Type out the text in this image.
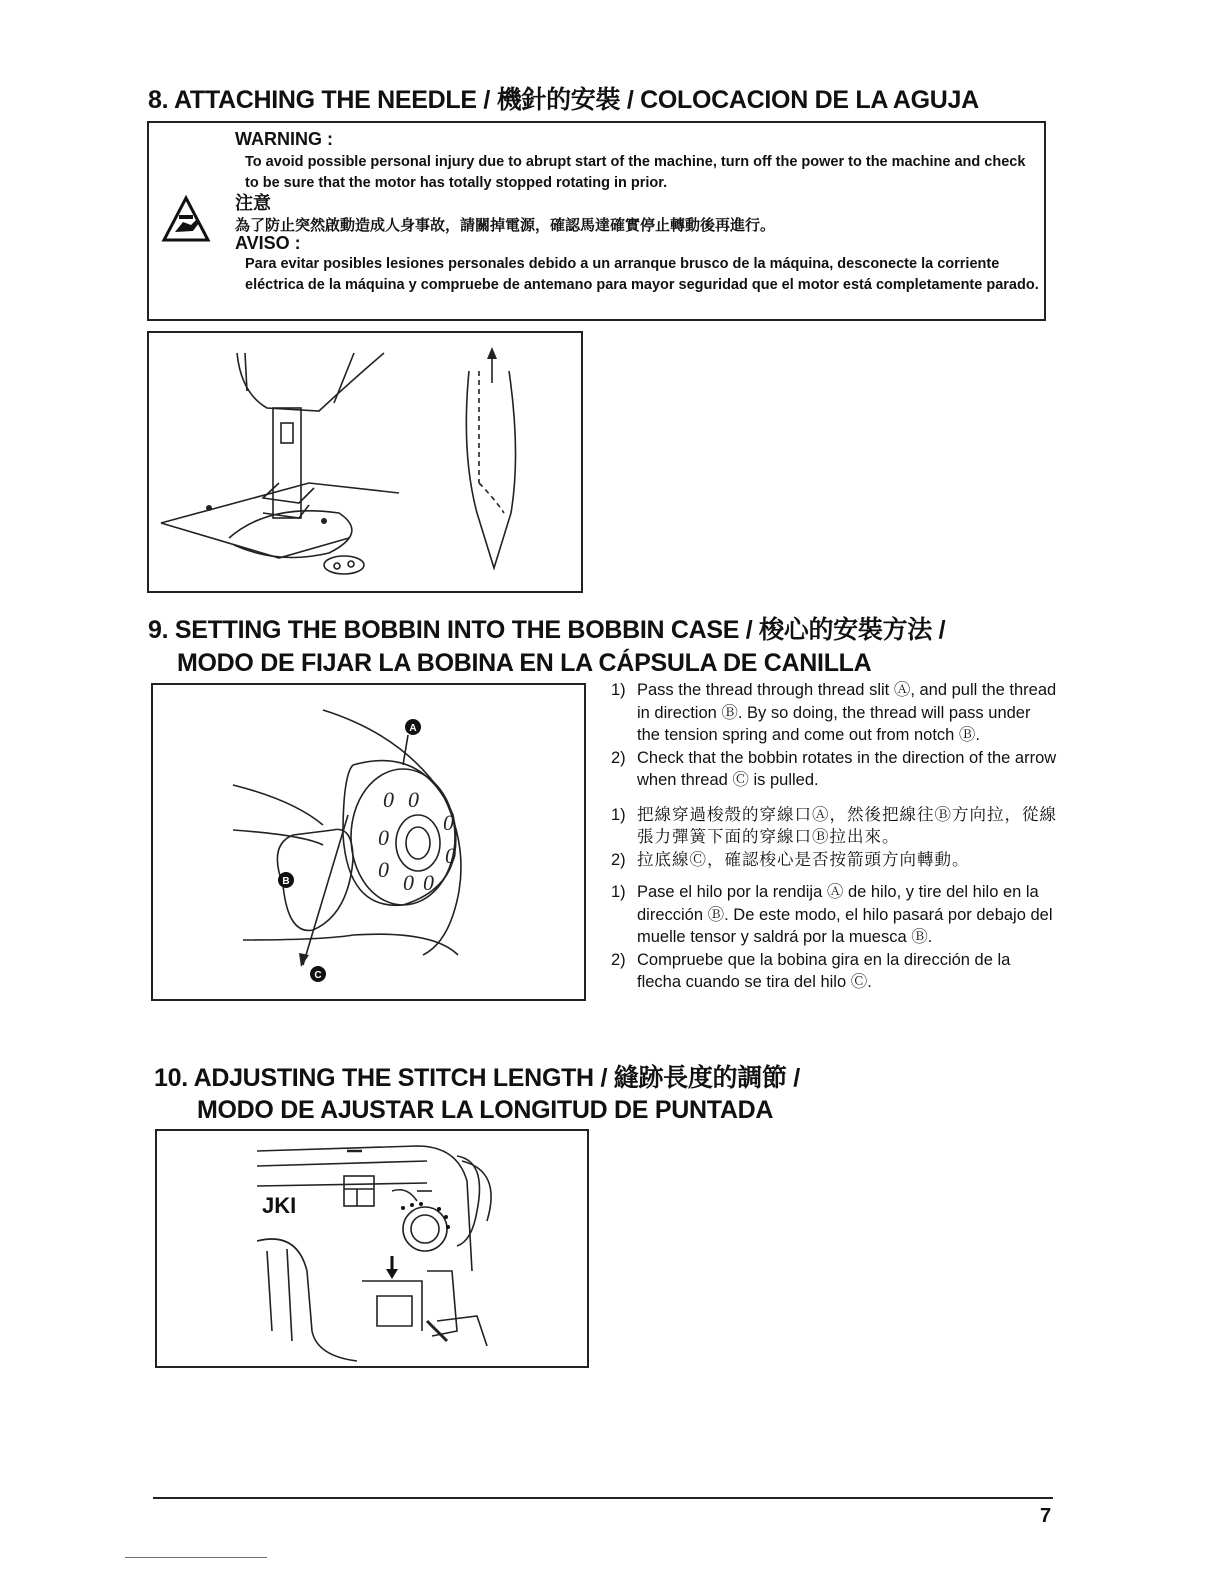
8. ATTACHING THE NEEDLE / 機針的安裝 / COLOCACION DE LA AGUJA
WARNING :
To avoid possible personal injury due to abrupt start of the machine, turn off the power to the machine and check to be sure that the motor has totally stopped rotating in prior.
注意
為了防止突然啟動造成人身事故，請關掉電源，確認馬達確實停止轉動後再進行。
AVISO :
Para evitar posibles lesiones personales debido a un arranque brusco de la máquina, desconecte la corriente eléctrica de la máquina y compruebe de antemano para mayor seguridad que el motor está completamente parado.
9. SETTING THE BOBBIN INTO THE BOBBIN CASE / 梭心的安裝方法 /
MODO DE FIJAR LA BOBINA EN LA CÁPSULA DE CANILLA
0 0
0
0
0
0
0 0
A
B
C
1) Pass the thread through thread slit Ⓐ, and pull the thread in direction Ⓑ. By so doing, the thread will pass under the tension spring and come out from notch Ⓑ.
2) Check that the bobbin rotates in the direction of the arrow when thread Ⓒ is pulled.
1) 把線穿過梭殼的穿線口Ⓐ，然後把線往Ⓑ方向拉，從線張力彈簧下面的穿線口Ⓑ拉出來。
2) 拉底線Ⓒ，確認梭心是否按箭頭方向轉動。
1) Pase el hilo por la rendija Ⓐ de hilo, y tire del hilo en la dirección Ⓑ. De este modo, el hilo pasará por debajo del muelle tensor y saldrá por la muesca Ⓑ.
2) Compruebe que la bobina gira en la dirección de la flecha cuando se tira del hilo Ⓒ.
10. ADJUSTING THE STITCH LENGTH / 縫跡長度的調節 /
MODO DE AJUSTAR LA LONGITUD DE PUNTADA
JKI
7
